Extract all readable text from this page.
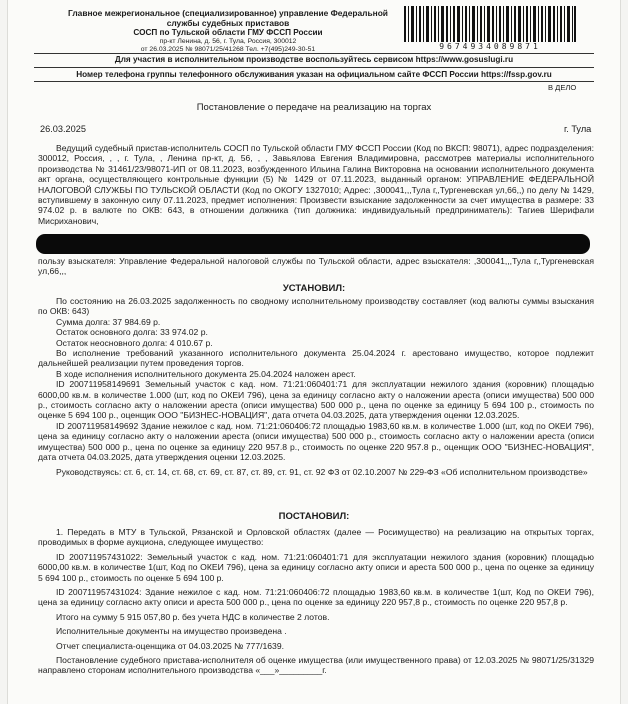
Главное межрегиональное (специализированное) управление Федеральной
службы судебных приставов
СОСП по Тульской области ГМУ ФССП России
пр-кт Ленина, д. 56, г. Тула, Россия, 300012
от 26.03.2025 № 98071/25/41268 Тел. +7(495)249-30-51	9674934089871
Для участия в исполнительном производстве воспользуйтесь сервисом https://www.gosuslugi.ru
Номер телефона группы телефонного обслуживания указан на официальном сайте ФССП России https://fssp.gov.ru
В ДЕЛО
Постановление о передаче на реализацию на торгах
26.03.2025	г. Тула

Ведущий судебный пристав-исполнитель СОСП по Тульской области ГМУ ФССП России (Код по ВКСП: 98071), адрес подразделения: 300012, Россия, , , г. Тула, , Ленина пр-кт, д. 56, , , Завьялова Евгения Владимировна, рассмотрев материалы исполнительного производства № 31461/23/98071-ИП от 08.11.2023, возбужденного Ильина Галина Викторовна на основании исполнительного документа акт органа, осуществляющего контрольные функции (5) № 1429 от 07.11.2023, выданный органом: УПРАВЛЕНИЕ ФЕДЕРАЛЬНОЙ НАЛОГОВОЙ СЛУЖБЫ ПО ТУЛЬСКОЙ ОБЛАСТИ (Код по ОКОГУ 1327010; Адрес: ,300041,,,Тула г,,Тургеневская ул,66,,) по делу № 1429, вступившему в законную силу 07.11.2023, предмет исполнения: Произвести взыскание задолженности за счет имущества в размере: 33 974.02 р. в валюте по ОКВ: 643, в отношении должника (тип должника: индивидуальный предприниматель): Тагиев Шерифали Мисриханович,

пользу взыскателя: Управление Федеральной налоговой службы по Тульской области, адрес взыскателя: ,300041,,,Тула г,,Тургеневская ул,66,,,

УСТАНОВИЛ:

По состоянию на 26.03.2025 задолженность по сводному исполнительному производству составляет (код валюты суммы взыскания по ОКВ: 643)

Сумма долга: 37 984.69 р.

Остаток основного долга: 33 974.02 р.

Остаток неосновного долга: 4 010.67 р.

Во исполнение требований указанного исполнительного документа 25.04.2024 г. арестовано имущество, которое подлежит дальнейшей реализации путем проведения торгов.

В ходе исполнения исполнительного документа 25.04.2024 наложен арест.

ID 200711958149691 Земельный участок с кад. ном. 71:21:060401:71 для эксплуатации нежилого здания (коровник) площадью 6000,00 кв.м. в количестве 1.000 (шт, код по ОКЕИ 796), цена за единицу согласно акту о наложении ареста (описи имущества) 500 000 р., стоимость согласно акту о наложении ареста (описи имущества) 500 000 р., цена по оценке за единицу 5 694 100 р., стоимость по оценке 5 694 100 р., оценщик ООО "БИЗНЕС-НОВАЦИЯ", дата отчета 04.03.2025, дата утверждения оценки 12.03.2025.

ID 200711958149692 Здание нежилое с кад. ном. 71:21:060406:72 площадью 1983,60 кв.м. в количестве 1.000 (шт, код по ОКЕИ 796), цена за единицу согласно акту о наложении ареста (описи имущества) 500 000 р., стоимость согласно акту о наложении ареста (описи имущества) 500 000 р., цена по оценке за единицу 220 957.8 р., стоимость по оценке 220 957.8 р., оценщик ООО "БИЗНЕС-НОВАЦИЯ", дата отчета 04.03.2025, дата утверждения оценки 12.03.2025.

Руководствуясь: ст. 6, ст. 14, ст. 68, ст. 69, ст. 87, ст. 89, ст. 91, ст. 92 ФЗ от 02.10.2007 № 229-ФЗ «Об исполнительном производстве»

ПОСТАНОВИЛ:

1. Передать в МТУ в Тульской, Рязанской и Орловской областях (далее — Росимущество) на реализацию на открытых торгах, проводимых в форме аукциона, следующее имущество:

ID 200711957431022: Земельный участок с кад. ном. 71:21:060401:71 для эксплуатации нежилого здания (коровник) площадью 6000,00 кв.м. в количестве 1(шт, Код по ОКЕИ 796), цена за единицу согласно акту описи и ареста 500 000 р., цена по оценке за единицу 5 694 100 р., стоимость по оценке 5 694 100 р.

ID 200711957431024: Здание нежилое с кад. ном. 71:21:060406:72 площадью 1983,60 кв.м. в количестве 1(шт, Код по ОКЕИ 796), цена за единицу согласно акту описи и ареста 500 000 р., цена по оценке за единицу 220 957,8 р., стоимость по оценке 220 957,8 р.

Итого на сумму 5 915 057,80 р. без учета НДС в количестве 2 лотов.

Исполнительные документы на имущество произведена .

Отчет специалиста-оценщика от 04.03.2025 № 777/1639.

Постановление судебного пристава-исполнителя об оценке имущества (или имущественного права) от 12.03.2025 № 98071/25/31329 направлено сторонам исполнительного производства «___»_________г.
